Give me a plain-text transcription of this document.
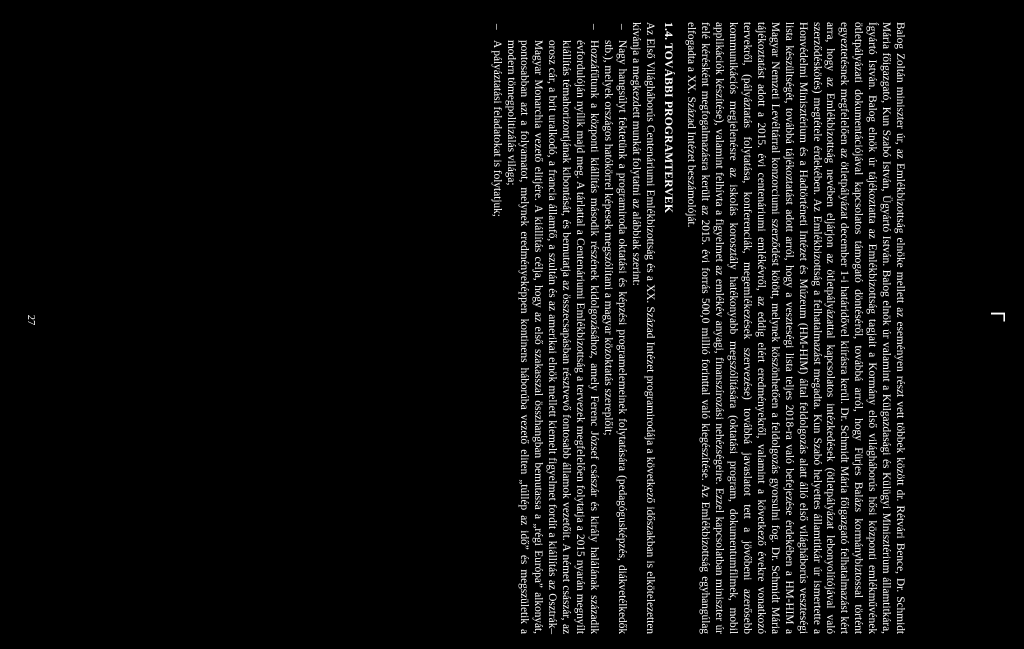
Γ

Balog Zoltán miniszter úr, az Emlékbizottság elnöke mellett az eseményen részt vett többek között dr. Rétvári Bence, Dr. Schmidt Mária főigazgató, Kun Szabó István, Ügyártó István. Balog elnök úr valamint a Külgazdasági és Külügyi Minisztérium államtitkára, Ígyártó István. Balog elnök úr tájékoztatta az Emlékbizottság tagjait a Kormány első világháborús hősi központi emlékművének ötletpályázati dokumentációjával kapcsolatos támogató döntéséről, továbbá arról, hogy Fürjes Balázs kormánybiztossal történt egyeztetésnek megfelelően az ötletpályázat december 1-i határidővel kiírásra kerül. Dr. Schmidt Mária főigazgató felhatalmazást kért arra, hogy az Emlékbizottság nevében eljárjon az ötletpályázattal kapcsolatos intézkedések (ötletpályázat lebonyolítójával való szerződéskötés) megtétele érdekében. Az Emlékbizottság a felhatalmazást megadta. Kun Szabó helyettes államtitkár úr ismertette a Honvédelmi Minisztérium és a Hadtörténeti Intézet és Múzeum (HM-HIM) által feldolgozás alatt álló első világháborús veszteségi lista készültségét, továbbá tájékoztatást adott arról, hogy a veszteségi lista teljes 2018-ra való befejezése érdekében a HM-HIM a Magyar Nemzeti Levéltárral konzorciumi szerződést kötött, melynek köszönhetően a feldolgozás gyorsulni fog. Dr. Schmidt Mária tájékoztatást adott a 2015. évi centenáriumi emlékévről, az eddig elért eredményekről, valamint a következő évekre vonatkozó tervekről, (pályáztatás folytatása, konferenciák, megemlékezések szervezése) továbbá javaslatot tett a jövőbeni azerősebb kommunikációs megjelenésre az iskolás korosztály hatékonyabb megszólítására (oktatási program, dokumentumfilmek, mobil applikációk készítése), valamint felhívta a figyelmet az emlékév anyagi, finanszírozási nehézségeire. Ezzel kapcsolatban miniszter úr felé kérésként megfogalmazásra került az 2015. évi forrás 500,0 millió forinttal való kiegészítése. Az Emlékbizottság egyhangúlag elfogadta a XX. Század Intézet beszámolóját.

1.4. TOVÁBBI PROGRAMTERVEK

Az Első Világháborús Centenáriumi Emlékbizottság és a XX. Század Intézet programirodája a következő időszakban is elkötelezetten kívánja a megkezdett munkát folytatni az alábbiak szerint:

– Nagy hangsúlyt fektetünk a programiroda oktatási és képzési programelemeinek folytatására (pedagógusképzés, diákvetélkedők stb.), melyek országos hatókörrel képesek megszólítani a magyar közoktatás szereplőit;
– Hozzáfűtunk a központi kiállítás második részének kidolgozásához, amely Ferenc József császár és király halálának századik évfordulóján nyílik majd meg. A tárlattal a Centenáriumi Emlékbizottság a tervezek megfelelően folytatja a 2015 nyarán megnyílt kiállítás témahorizontjának kibontását, és bemutatja az összecsapásban résztvevő fontosabb államok vezetőit. A német császár, az orosz cár, a brit uralkodó, a francia államfő, a szultán és az amerikai elnök mellett kiemelt figyelmet fordít a kiállítás az Osztrák–Magyar Monarchia vezető elitjére. A kiállítás célja, hogy az első szakasszal összhangban bemutassa a „régi Európa” alkonyát, pontosabban azt a folyamatot, melynek eredményeképpen kontinens háborúba vezető eliten „túllép az idő” és megszületik a modern tömegpolitizálás világa;
– A pályáztatási feladatokat is folytatjuk;
27
